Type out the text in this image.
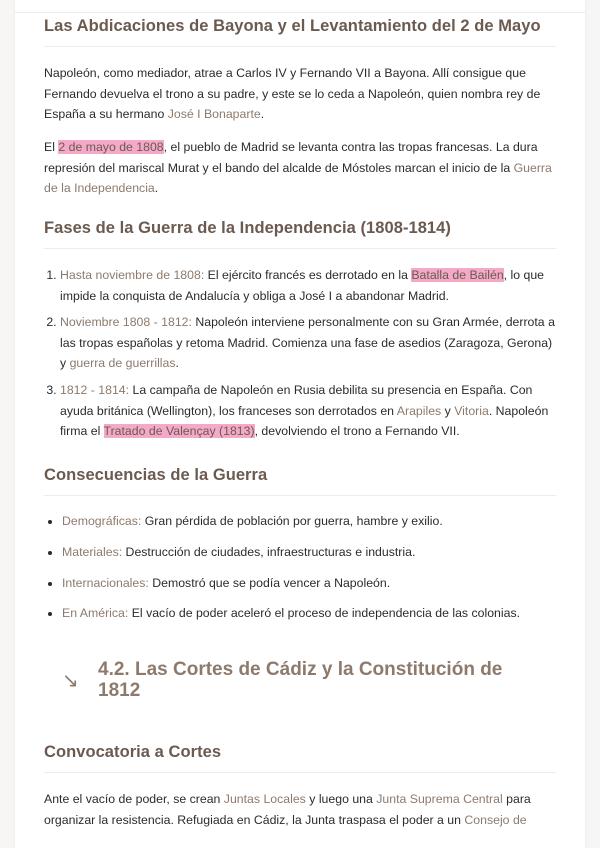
Las Abdicaciones de Bayona y el Levantamiento del 2 de Mayo

Napoleón, como mediador, atrae a Carlos IV y Fernando VII a Bayona. Allí consigue que Fernando devuelva el trono a su padre, y este se lo ceda a Napoleón, quien nombra rey de España a su hermano José I Bonaparte.

El 2 de mayo de 1808, el pueblo de Madrid se levanta contra las tropas francesas. La dura represión del mariscal Murat y el bando del alcalde de Móstoles marcan el inicio de la Guerra de la Independencia.

Fases de la Guerra de la Independencia (1808-1814)
1. Hasta noviembre de 1808: El ejército francés es derrotado en la Batalla de Bailén, lo que impide la conquista de Andalucía y obliga a José I a abandonar Madrid.
2. Noviembre 1808 - 1812: Napoleón interviene personalmente con su Gran Armée, derrota a las tropas españolas y retoma Madrid. Comienza una fase de asedios (Zaragoza, Gerona) y guerra de guerrillas.
3. 1812 - 1814: La campaña de Napoleón en Rusia debilita su presencia en España. Con ayuda británica (Wellington), los franceses son derrotados en Arapiles y Vitoria. Napoleón firma el Tratado de Valençay (1813), devolviendo el trono a Fernando VII.
Consecuencias de la Guerra
• Demográficas: Gran pérdida de población por guerra, hambre y exilio.
• Materiales: Destrucción de ciudades, infraestructuras e industria.
• Internacionales: Demostró que se podía vencer a Napoleón.
• En América: El vacío de poder aceleró el proceso de independencia de las colonias.
Convocatoria a Cortes

Ante el vacío de poder, se crean Juntas Locales y luego una Junta Suprema Central para organizar la resistencia. Refugiada en Cádiz, la Junta traspasa el poder a un Consejo de

↘
4.2. Las Cortes de Cádiz y la Constitución de 1812
